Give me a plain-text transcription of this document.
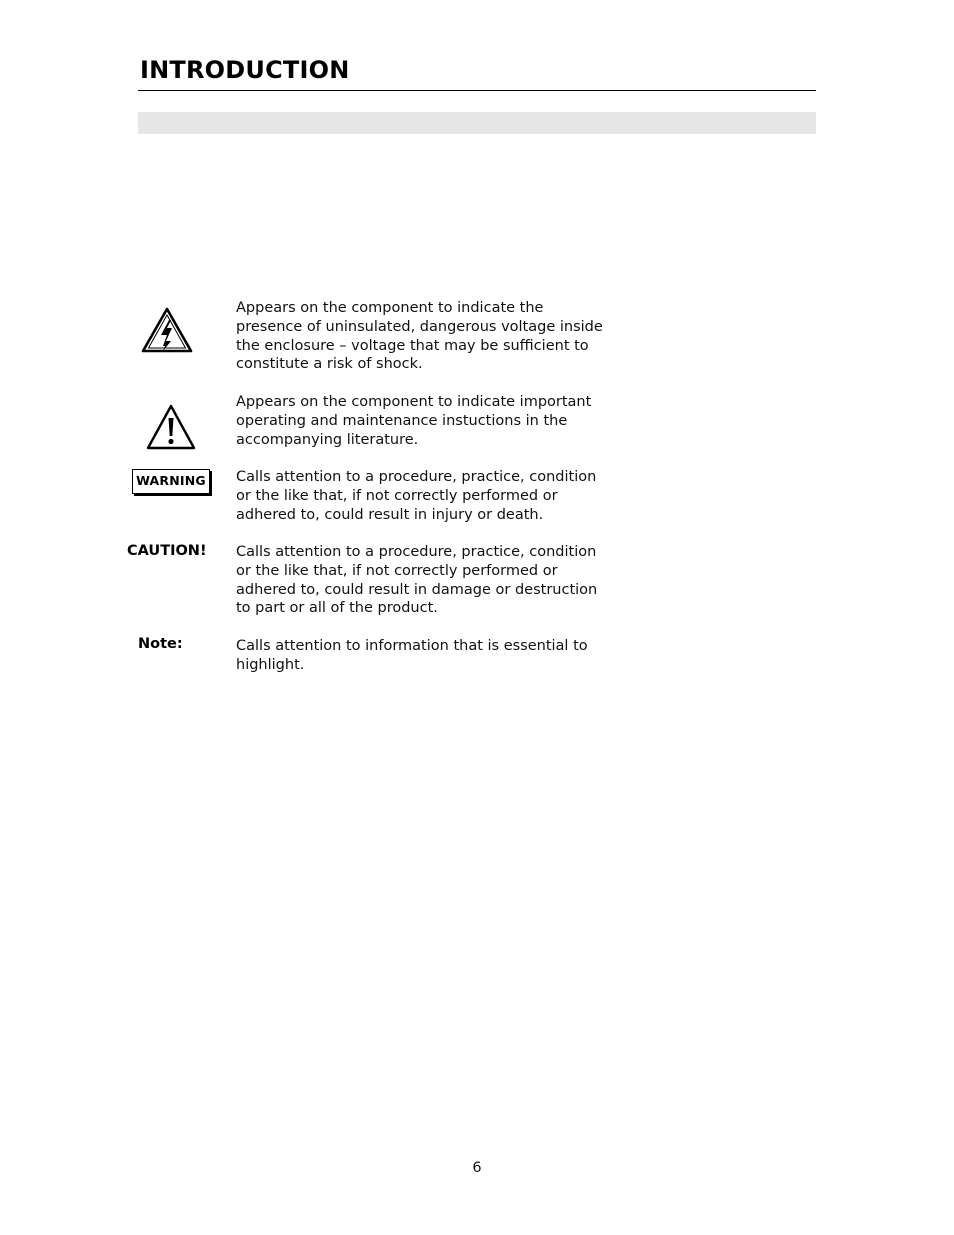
INTRODUCTION
Appears on the component to indicate the presence of uninsulated, dangerous voltage inside the enclosure – voltage that may be sufficient to constitute a risk of shock.
Appears on the component to indicate important operating and maintenance instuctions in the accompanying literature.
WARNING Calls attention to a procedure, practice, condition or the like that, if not correctly performed or adhered to, could result in injury or death.
CAUTION! Calls attention to a procedure, practice, condition or the like that, if not correctly performed or adhered to, could result in damage or destruction to part or all of the product.
Note:	Calls attention to information that is essential to highlight.
6
